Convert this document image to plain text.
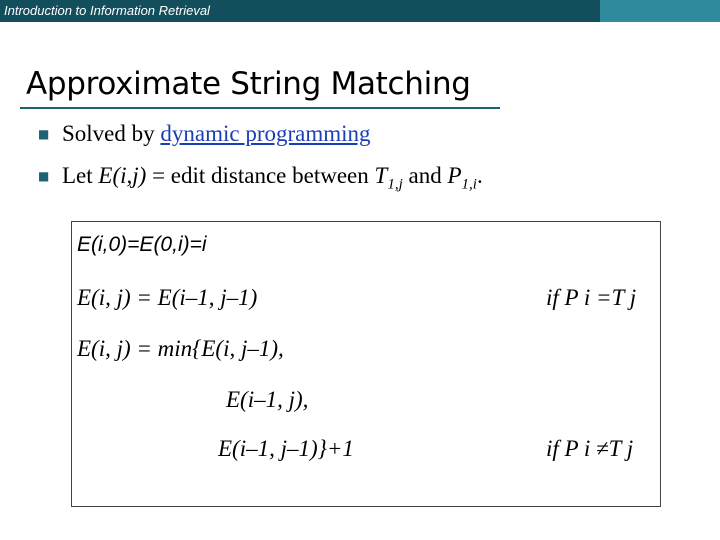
Introduction to Information Retrieval
Approximate String Matching
■ Solved by dynamic programming
■ Let E(i,j) = edit distance between $T_{1,j}$ and $P_{1,i}$.
E(i,0)=E(0,i)=i
E(i, j) = E(i–1, j–1)	if P i =T j
E(i, j) = min{E(i, j–1),
E(i–1, j),
E(i–1, j–1)}+1	if P i ≠T j
